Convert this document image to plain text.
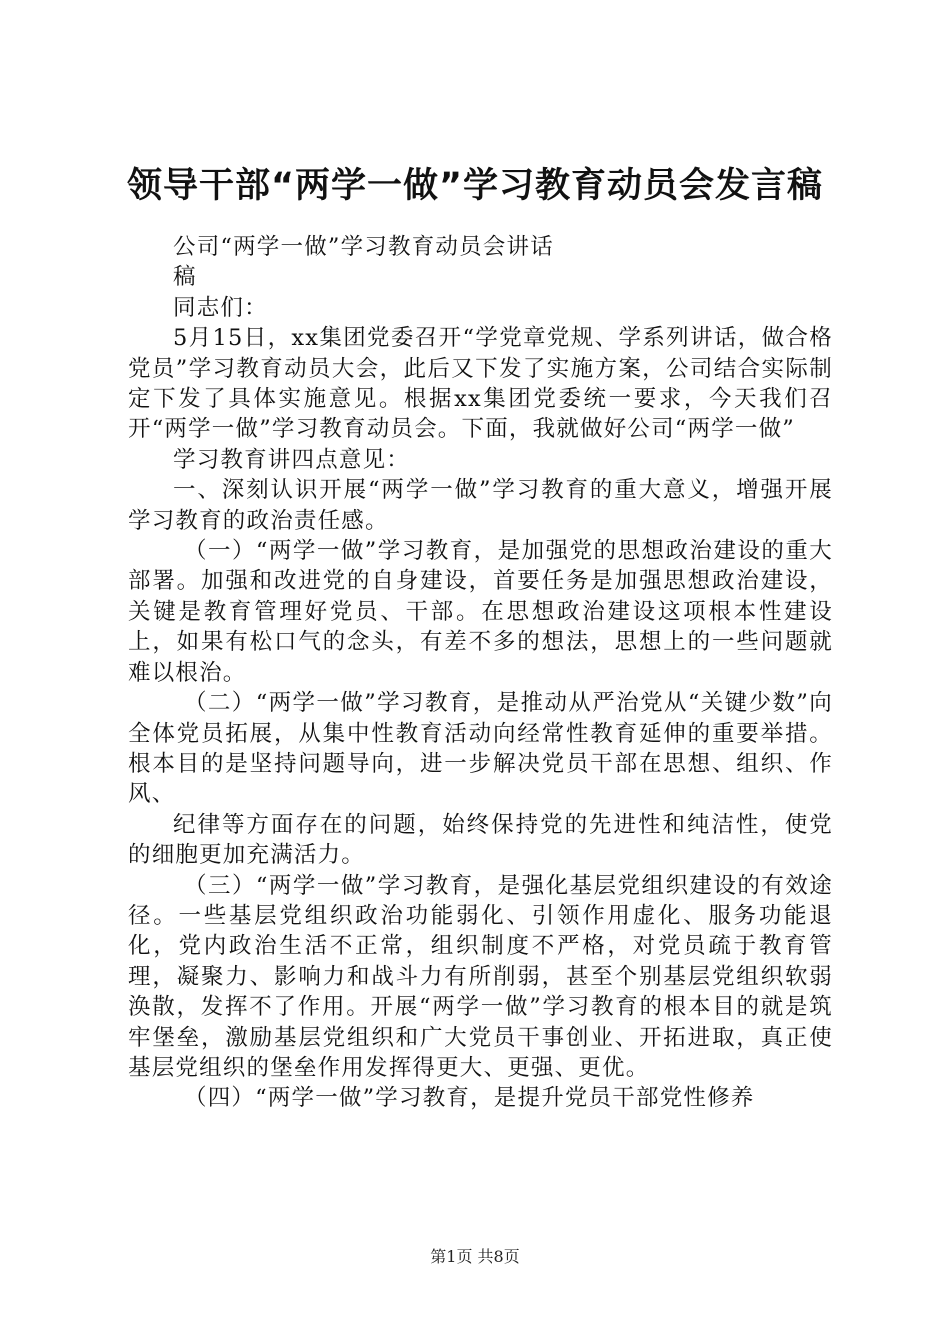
领导干部“两学一做”学习教育动员会发言稿

公司“两学一做”学习教育动员会讲话

稿

同志们：

5月15日，xx集团党委召开“学党章党规、学系列讲话，做合格党员”学习教育动员大会，此后又下发了实施方案，公司结合实际制定下发了具体实施意见。根据xx集团党委统一要求，今天我们召开“两学一做”学习教育动员会。下面，我就做好公司“两学一做”

学习教育讲四点意见：

一、深刻认识开展“两学一做”学习教育的重大意义，增强开展学习教育的政治责任感。

（一）“两学一做”学习教育，是加强党的思想政治建设的重大部署。加强和改进党的自身建设，首要任务是加强思想政治建设，关键是教育管理好党员、干部。在思想政治建设这项根本性建设上，如果有松口气的念头，有差不多的想法，思想上的一些问题就难以根治。

（二）“两学一做”学习教育，是推动从严治党从“关键少数”向全体党员拓展，从集中性教育活动向经常性教育延伸的重要举措。根本目的是坚持问题导向，进一步解决党员干部在思想、组织、作风、

纪律等方面存在的问题，始终保持党的先进性和纯洁性，使党的细胞更加充满活力。

（三）“两学一做”学习教育，是强化基层党组织建设的有效途径。一些基层党组织政治功能弱化、引领作用虚化、服务功能退化，党内政治生活不正常，组织制度不严格，对党员疏于教育管理，凝聚力、影响力和战斗力有所削弱，甚至个别基层党组织软弱涣散，发挥不了作用。开展“两学一做”学习教育的根本目的就是筑牢堡垒，激励基层党组织和广大党员干事创业、开拓进取，真正使基层党组织的堡垒作用发挥得更大、更强、更优。

（四）“两学一做”学习教育，是提升党员干部党性修养

第1页 共8页
